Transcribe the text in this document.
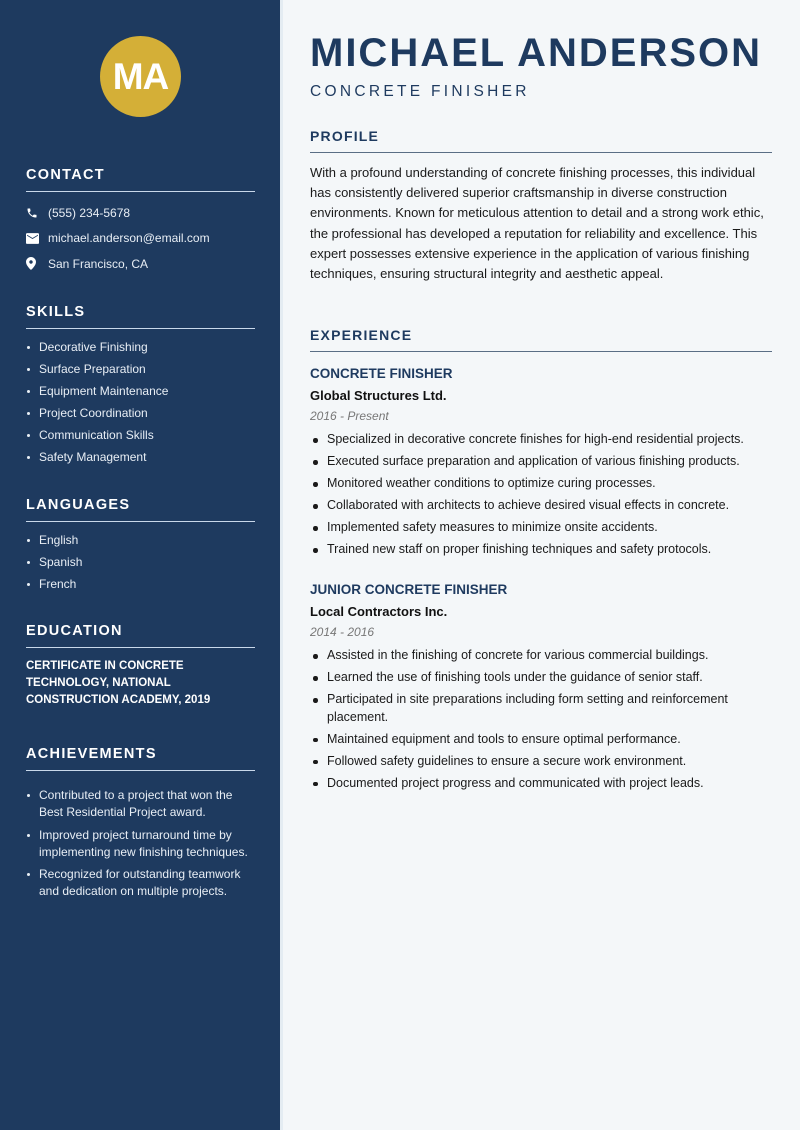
MA
CONTACT
(555) 234-5678
michael.anderson@email.com
San Francisco, CA
SKILLS
Decorative Finishing
Surface Preparation
Equipment Maintenance
Project Coordination
Communication Skills
Safety Management
LANGUAGES
English
Spanish
French
EDUCATION

CERTIFICATE IN CONCRETE TECHNOLOGY, NATIONAL CONSTRUCTION ACADEMY, 2019

ACHIEVEMENTS
Contributed to a project that won the Best Residential Project award.
Improved project turnaround time by implementing new finishing techniques.
Recognized for outstanding teamwork and dedication on multiple projects.
MICHAEL ANDERSON
CONCRETE FINISHER
PROFILE

With a profound understanding of concrete finishing processes, this individual has consistently delivered superior craftsmanship in diverse construction environments. Known for meticulous attention to detail and a strong work ethic, the professional has developed a reputation for reliability and excellence. This expert possesses extensive experience in the application of various finishing techniques, ensuring structural integrity and aesthetic appeal.

EXPERIENCE
CONCRETE FINISHER
Global Structures Ltd.
2016 - Present
Specialized in decorative concrete finishes for high-end residential projects.
Executed surface preparation and application of various finishing products.
Monitored weather conditions to optimize curing processes.
Collaborated with architects to achieve desired visual effects in concrete.
Implemented safety measures to minimize onsite accidents.
Trained new staff on proper finishing techniques and safety protocols.
JUNIOR CONCRETE FINISHER
Local Contractors Inc.
2014 - 2016
Assisted in the finishing of concrete for various commercial buildings.
Learned the use of finishing tools under the guidance of senior staff.
Participated in site preparations including form setting and reinforcement placement.
Maintained equipment and tools to ensure optimal performance.
Followed safety guidelines to ensure a secure work environment.
Documented project progress and communicated with project leads.
